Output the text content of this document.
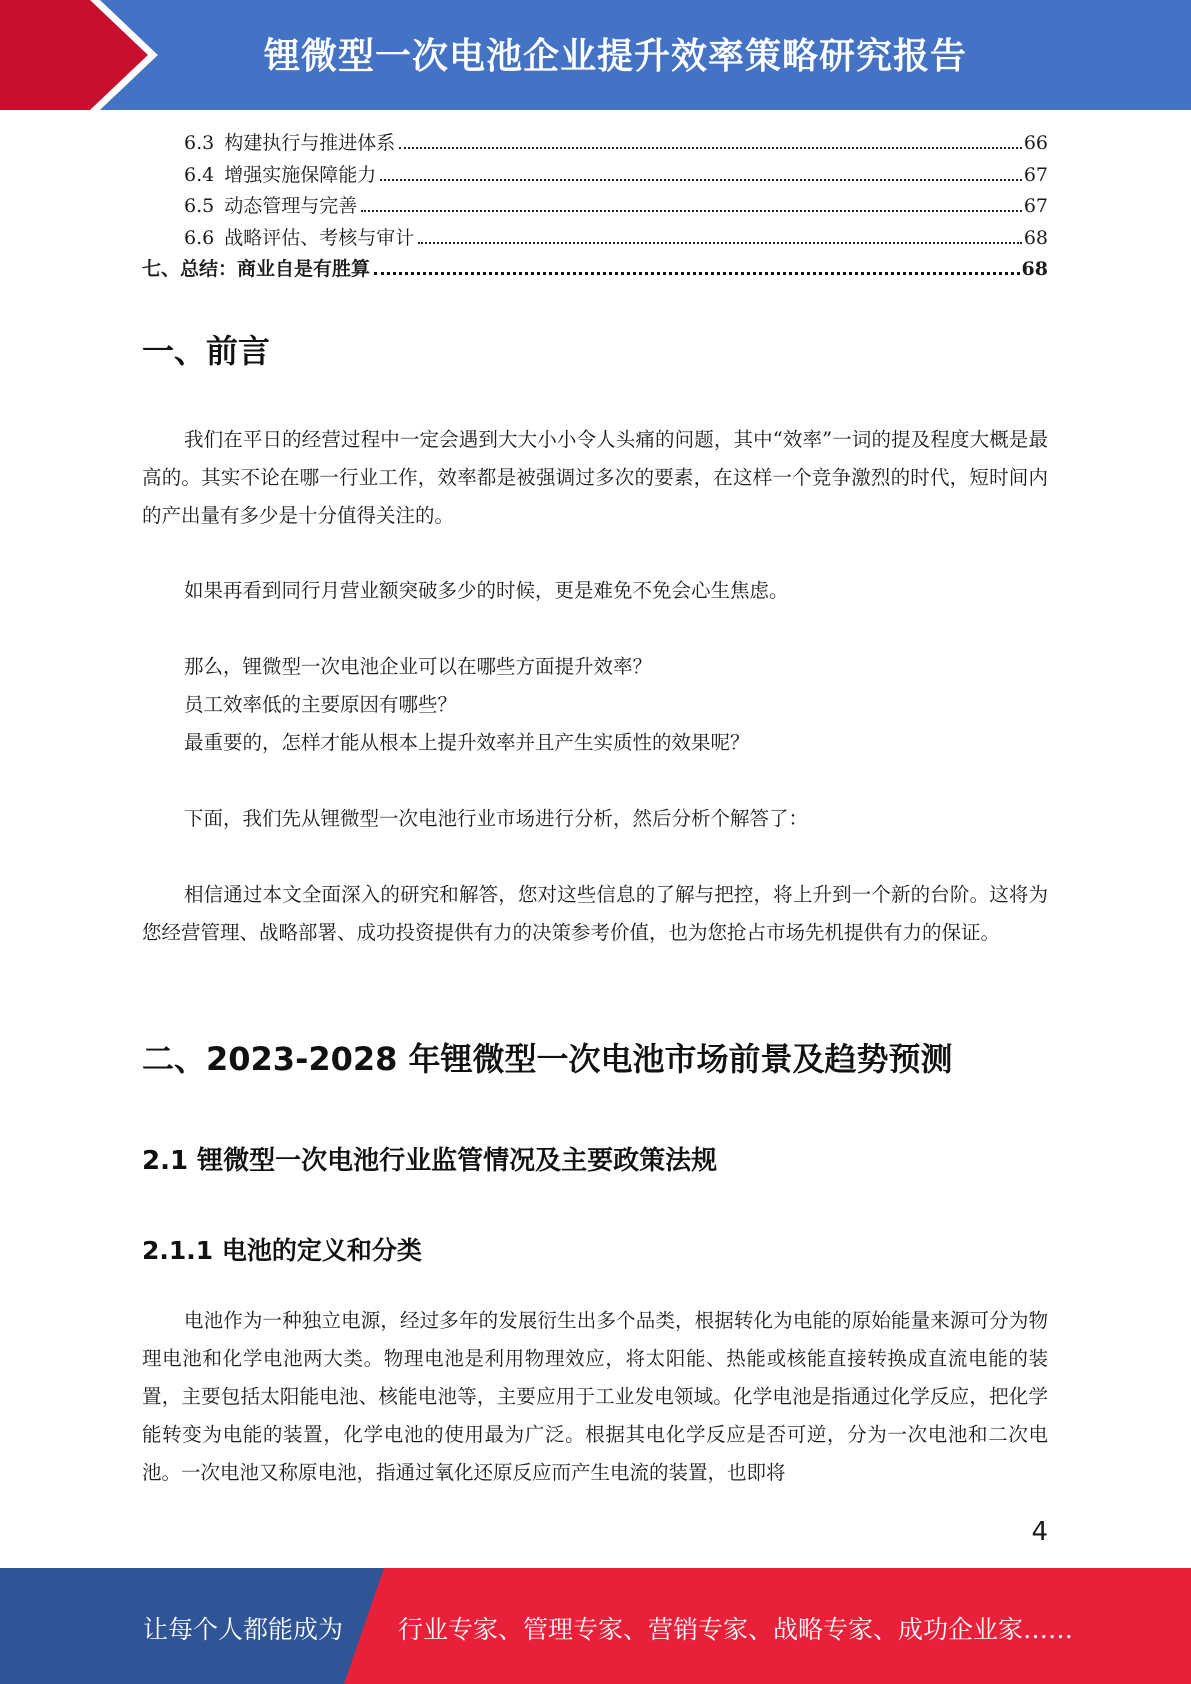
锂微型一次电池企业提升效率策略研究报告
6.3 构建执行与推进体系	66
6.4 增强实施保障能力	67
6.5 动态管理与完善	67
6.6 战略评估、考核与审计	68
七、总结：商业自是有胜算	68
一、前言

我们在平日的经营过程中一定会遇到大大小小令人头痛的问题，其中“效率”一词的提及程度大概是最高的。其实不论在哪一行业工作，效率都是被强调过多次的要素，在这样一个竞争激烈的时代，短时间内的产出量有多少是十分值得关注的。

如果再看到同行月营业额突破多少的时候，更是难免不免会心生焦虑。

那么，锂微型一次电池企业可以在哪些方面提升效率？

员工效率低的主要原因有哪些？

最重要的，怎样才能从根本上提升效率并且产生实质性的效果呢？

下面，我们先从锂微型一次电池行业市场进行分析，然后分析个解答了：

相信通过本文全面深入的研究和解答，您对这些信息的了解与把控，将上升到一个新的台阶。这将为您经营管理、战略部署、成功投资提供有力的决策参考价值，也为您抢占市场先机提供有力的保证。

二、2023-2028 年锂微型一次电池市场前景及趋势预测
2.1 锂微型一次电池行业监管情况及主要政策法规
2.1.1 电池的定义和分类

电池作为一种独立电源，经过多年的发展衍生出多个品类，根据转化为电能的原始能量来源可分为物理电池和化学电池两大类。物理电池是利用物理效应，将太阳能、热能或核能直接转换成直流电能的装置，主要包括太阳能电池、核能电池等，主要应用于工业发电领域。化学电池是指通过化学反应，把化学能转变为电能的装置，化学电池的使用最为广泛。根据其电化学反应是否可逆，分为一次电池和二次电池。一次电池又称原电池，指通过氧化还原反应而产生电流的装置，也即将

4
让每个人都能成为 行业专家、管理专家、营销专家、战略专家、成功企业家……
